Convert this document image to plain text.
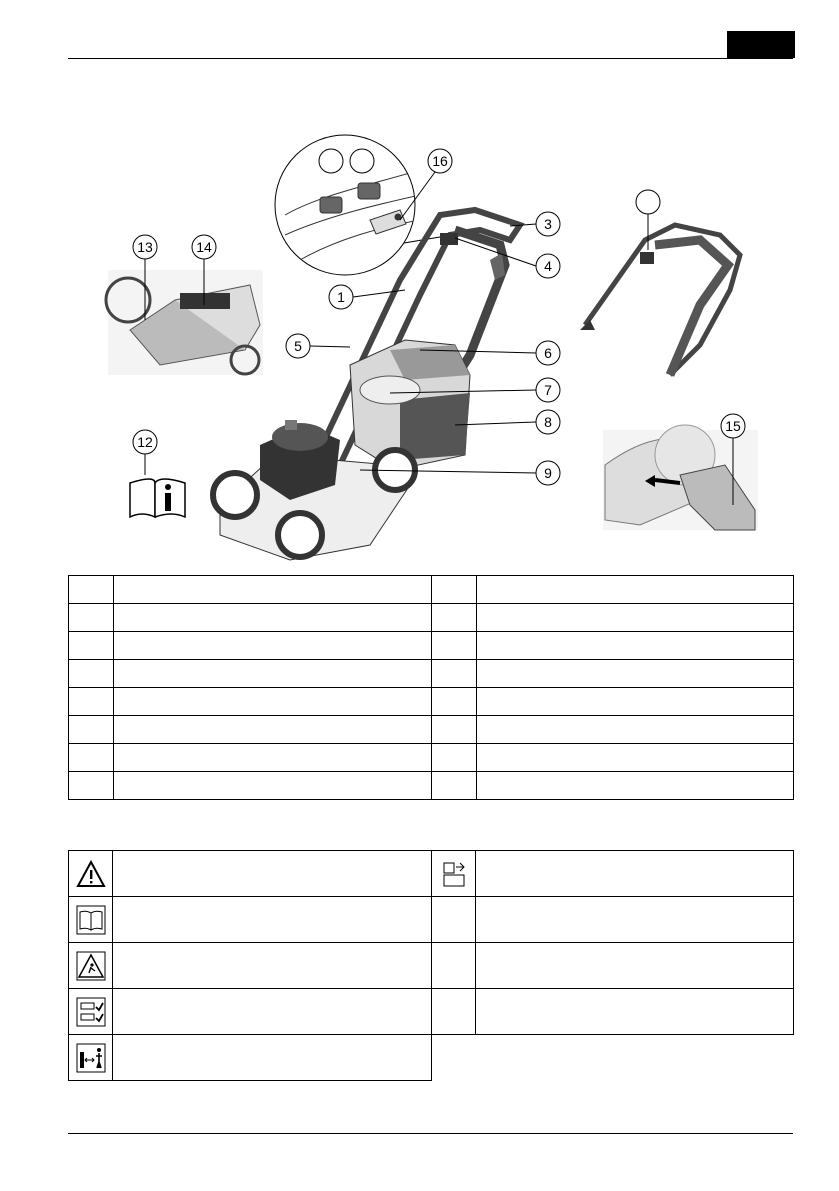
16
13	14
12
3
4
1
5	6
7
8
9
15
